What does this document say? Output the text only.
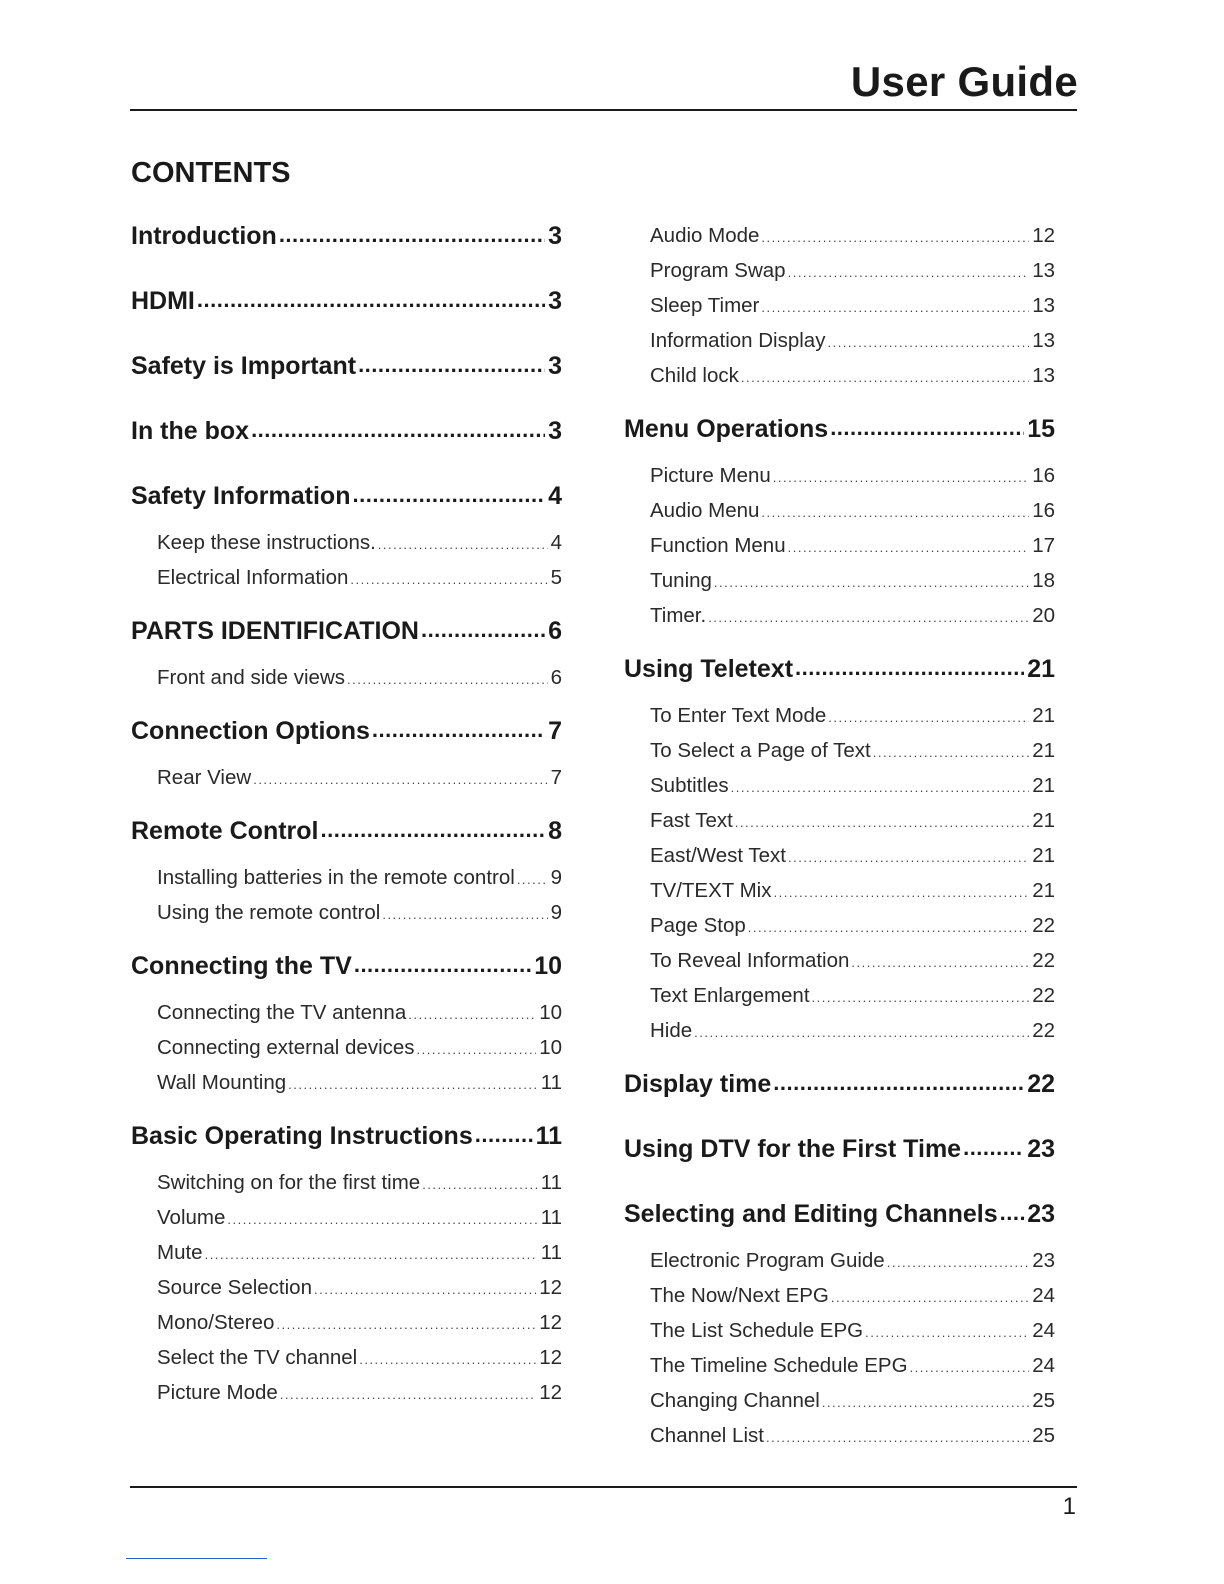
User Guide
CONTENTS
Introduction .....	3
HDMI .....	3
Safety is Important .....	3
In the box .....	3
Safety Information .....	4
Keep these instructions. .....	4
Electrical Information .....	5
PARTS IDENTIFICATION .....	6
Front and side views .....	6
Connection Options .....	7
Rear View .....	7
Remote Control .....	8
Installing batteries in the remote control ..... 9
Using the remote control .....	9
Connecting the TV .....	10
Connecting the TV antenna .....	10
Connecting external devices .....	10
Wall Mounting .....	11
Basic Operating Instructions .....	11
Switching on for the first time .....	11
Volume .....	11
Mute .....	11
Source Selection .....	12
Mono/Stereo .....	12
Select the TV channel .....	12
Picture Mode .....	12
Audio Mode .....	12
Program Swap .....	13
Sleep Timer .....	13
Information Display .....	13
Child lock .....	13
Menu Operations .....	15
Picture Menu .....	16
Audio Menu .....	16
Function Menu .....	17
Tuning .....	18
Timer. .....	20
Using Teletext .....	21
To Enter Text Mode .....	21
To Select a Page of Text .....	21
Subtitles .....	21
Fast Text .....	21
East/West Text .....	21
TV/TEXT Mix .....	21
Page Stop .....	22
To Reveal Information .....	22
Text Enlargement .....	22
Hide .....	22
Display time .....	22
Using DTV for the First Time .....	23
Selecting and Editing Channels ..... 23
Electronic Program Guide .....	23
The Now/Next EPG .....	24
The List Schedule EPG .....	24
The Timeline Schedule EPG .....	24
Changing Channel .....	25
Channel List .....	25
1
